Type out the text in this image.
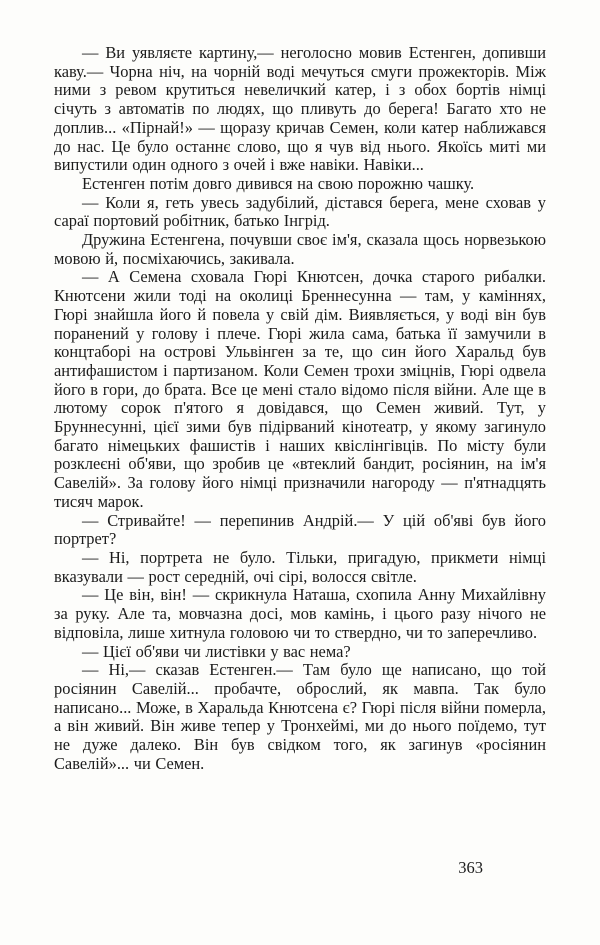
— Ви уявляєте картину,— неголосно мовив Естенген, допивши каву.— Чорна ніч, на чорній воді мечуться смуги прожекторів. Між ними з ревом крутиться невеличкий катер, і з обох бортів німці січуть з автоматів по людях, що пливуть до берега! Багато хто не доплив... «Пірнай!» — щоразу кричав Семен, коли катер наближався до нас. Це було останнє слово, що я чув від нього. Якоїсь миті ми випустили один одного з очей і вже навіки. Навіки...

Естенген потім довго дивився на свою порожню чашку.

— Коли я, геть увесь задубілий, дістався берега, мене сховав у сараї портовий робітник, батько Інгрід.

Дружина Естенгена, почувши своє ім'я, сказала щось норвезькою мовою й, посміхаючись, закивала.

— А Семена сховала Гюрі Кнютсен, дочка старого рибалки. Кнютсени жили тоді на околиці Бреннесунна — там, у каміннях, Гюрі знайшла його й повела у свій дім. Виявляється, у воді він був поранений у голову і плече. Гюрі жила сама, батька її замучили в концтаборі на острові Ульвінген за те, що син його Харальд був антифашистом і партизаном. Коли Семен трохи зміцнів, Гюрі одвела його в гори, до брата. Все це мені стало відомо після війни. Але ще в лютому сорок п'ятого я довідався, що Семен живий. Тут, у Бруннесунні, цієї зими був підірваний кінотеатр, у якому загинуло багато німецьких фашистів і наших квіслінгівців. По місту були розклеєні об'яви, що зробив це «втеклий бандит, росіянин, на ім'я Савелій». За голову його німці призначили нагороду — п'ятнадцять тисяч марок.

— Стривайте! — перепинив Андрій.— У цій об'яві був його портрет?

— Ні, портрета не було. Тільки, пригадую, прикмети німці вказували — рост середній, очі сірі, волосся світле.

— Це він, він! — скрикнула Наташа, схопила Анну Михайлівну за руку. Але та, мовчазна досі, мов камінь, і цього разу нічого не відповіла, лише хитнула головою чи то ствердно, чи то заперечливо.

— Цієї об'яви чи листівки у вас нема?

— Ні,— сказав Естенген.— Там було ще написано, що той росіянин Савелій... пробачте, оброслий, як мавпа. Так було написано... Може, в Харальда Кнютсена є? Гюрі після війни померла, а він живий. Він живе тепер у Тронхеймі, ми до нього поїдемо, тут не дуже далеко. Він був свідком того, як загинув «росіянин Савелій»... чи Семен.

363
